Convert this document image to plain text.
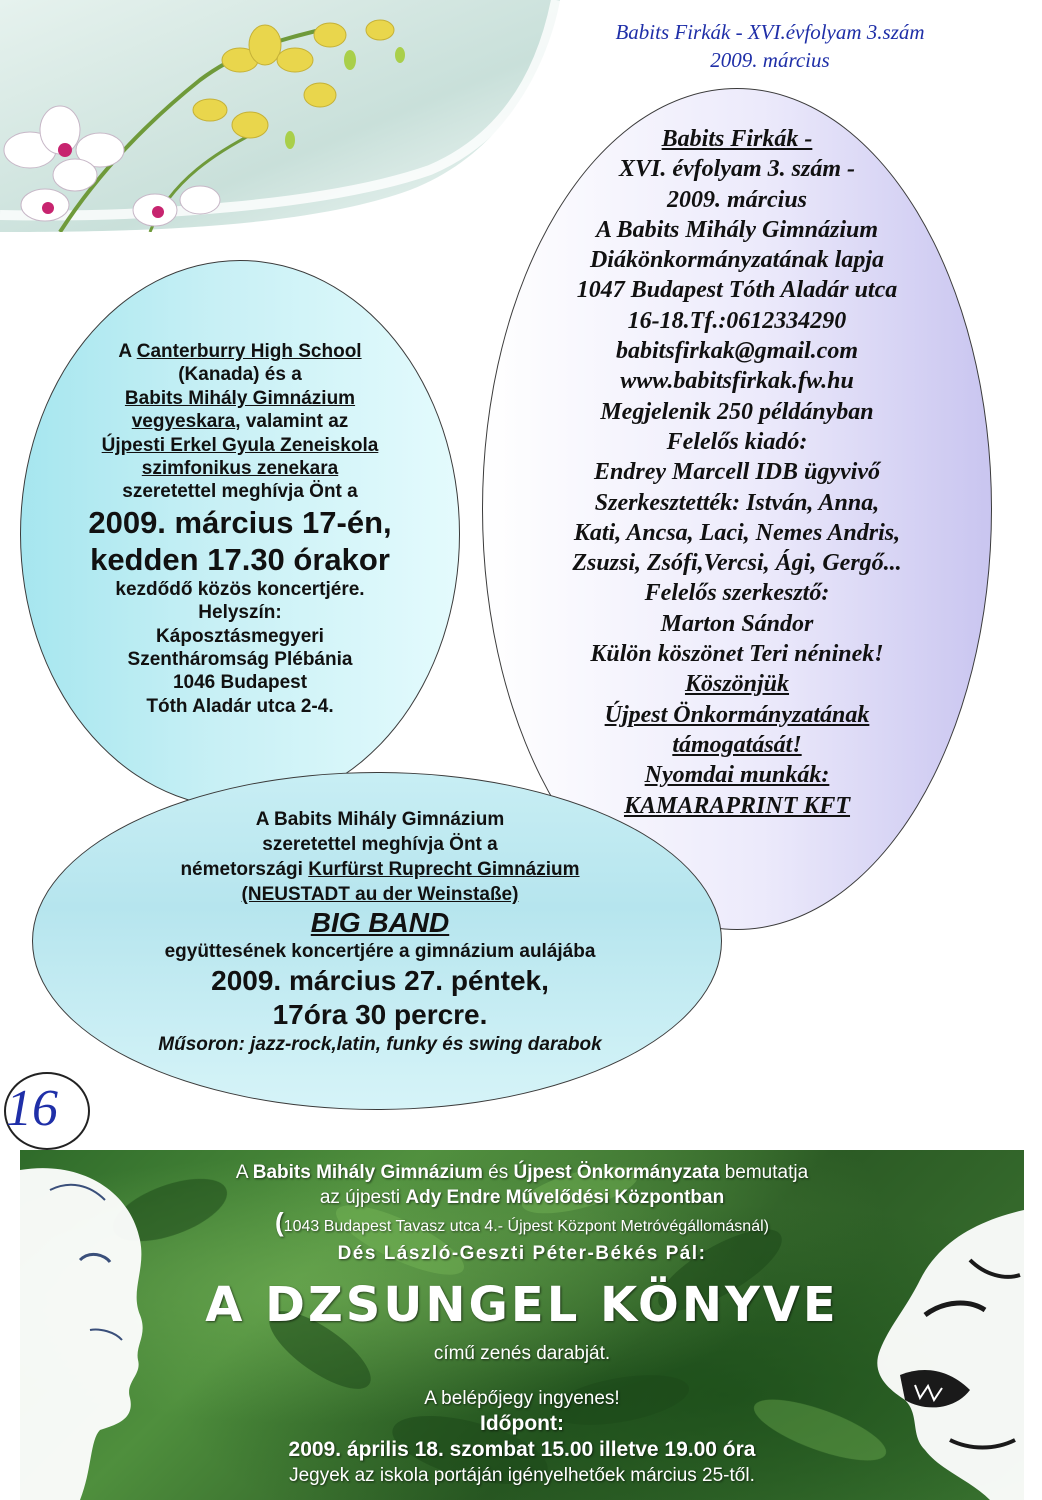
Babits Firkák - XVI.évfolyam 3.szám
2009. március
Babits Firkák -
XVI. évfolyam 3. szám -
2009. március
A Babits Mihály Gimnázium
Diákönkormányzatának lapja
1047 Budapest Tóth Aladár utca
16-18.Tf.:0612334290
babitsfirkak@gmail.com
www.babitsfirkak.fw.hu
Megjelenik 250 példányban
Felelős kiadó:
Endrey Marcell IDB ügyvivő
Szerkesztették: István, Anna,
Kati, Ancsa, Laci, Nemes Andris,
Zsuzsi, Zsófi,Vercsi, Ági, Gergő...
Felelős szerkesztő:
Marton Sándor
Külön köszönet Teri néninek!
Köszönjük
Újpest Önkormányzatának
támogatását!
Nyomdai munkák:
KAMARAPRINT KFT
A Canterburry High School
(Kanada) és a
Babits Mihály Gimnázium
vegyeskara, valamint az
Újpesti Erkel Gyula Zeneiskola
szimfonikus zenekara
szeretettel meghívja Önt a
2009. március 17-én,
kedden 17.30 órakor
kezdődő közös koncertjére.
Helyszín:
Káposztásmegyeri
Szentháromság Plébánia
1046 Budapest
Tóth Aladár utca 2-4.
A Babits Mihály Gimnázium
szeretettel meghívja Önt a
németországi Kurfürst Ruprecht Gimnázium
(NEUSTADT au der Weinstaße)
BIG BAND
együttesének koncertjére a gimnázium aulájába
2009. március 27. péntek,
17óra 30 percre.
Műsoron: jazz-rock,latin, funky és swing darabok
16
A Babits Mihály Gimnázium és Újpest Önkormányzata bemutatja
az újpesti Ady Endre Művelődési Központban
(1043 Budapest Tavasz utca 4.- Újpest Központ Metróvégállomásnál)
Dés László-Geszti Péter-Békés Pál:
A DZSUNGEL KÖNYVE
című zenés darabját.
A belépőjegy ingyenes!
Időpont:
2009. április 18. szombat 15.00 illetve 19.00 óra
Jegyek az iskola portáján igényelhetőek március 25-től.
